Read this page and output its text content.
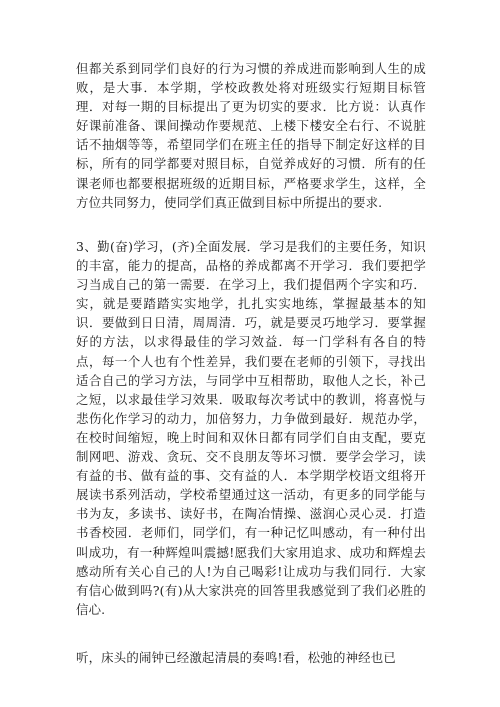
但都关系到同学们良好的行为习惯的养成进而影响到人生的成败，是大事．本学期，学校政教处将对班级实行短期目标管理．对每一期的目标提出了更为切实的要求．比方说：认真作好课前准备、课间操动作要规范、上楼下楼安全右行、不说脏话不抽烟等等，希望同学们在班主任的指导下制定好这样的目标，所有的同学都要对照目标，自觉养成好的习惯．所有的任课老师也都要根据班级的近期目标，严格要求学生，这样，全方位共同努力，使同学们真正做到目标中所提出的要求.
3、勤(奋)学习，(齐)全面发展．学习是我们的主要任务，知识的丰富，能力的提高，品格的养成都离不开学习．我们要把学习当成自己的第一需要．在学习上，我们提倡两个字实和巧．实，就是要踏踏实实地学，扎扎实实地练，掌握最基本的知识．要做到日日清，周周清．巧，就是要灵巧地学习．要掌握好的方法，以求得最佳的学习效益．每一门学科有各自的特点，每一个人也有个性差异，我们要在老师的引领下，寻找出适合自己的学习方法，与同学中互相帮助，取他人之长，补己之短，以求最佳学习效果．吸取每次考试中的教训，将喜悦与悲伤化作学习的动力，加倍努力，力争做到最好．规范办学，在校时间缩短，晚上时间和双休日都有同学们自由支配，要克制网吧、游戏、贪玩、交不良朋友等坏习惯．要学会学习，读有益的书、做有益的事、交有益的人．本学期学校语文组将开展读书系列活动，学校希望通过这一活动，有更多的同学能与书为友，多读书、读好书，在陶冶情操、滋润心灵心灵．打造书香校园．老师们，同学们，有一种记忆叫感动，有一种付出叫成功，有一种辉煌叫震撼!愿我们大家用追求、成功和辉煌去感动所有关心自己的人!为自己喝彩!让成功与我们同行．大家有信心做到吗?(有)从大家洪亮的回答里我感觉到了我们必胜的信心.
听，床头的闹钟已经激起清晨的奏鸣!看，松弛的神经也已
